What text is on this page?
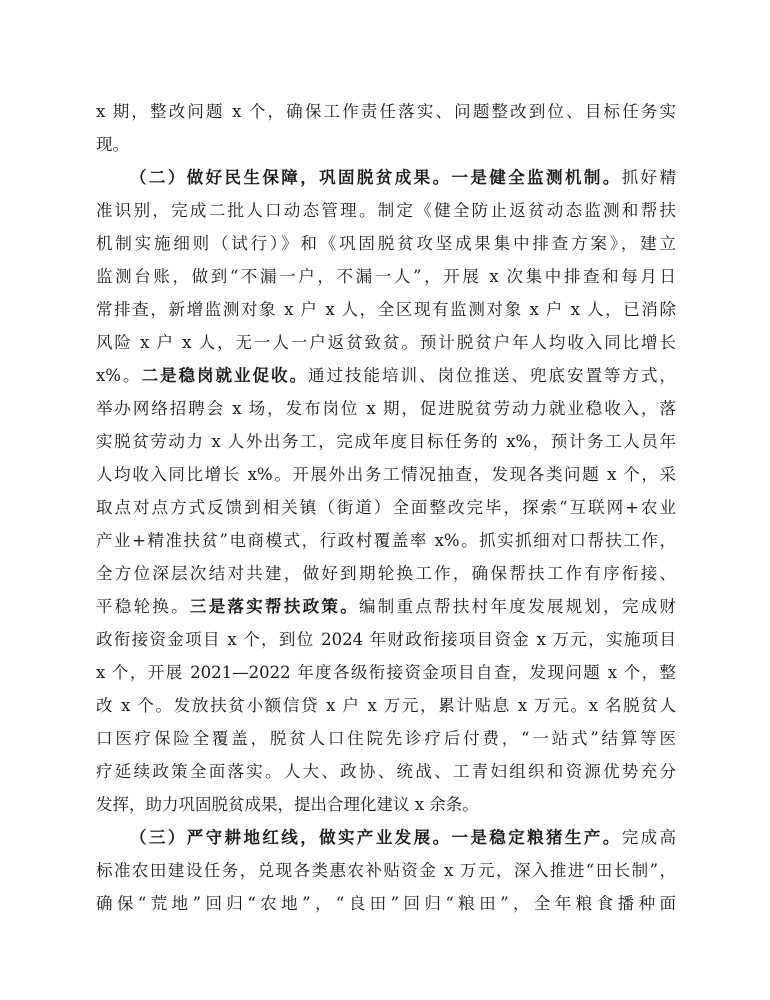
x 期，整改问题 x 个，确保工作责任落实、问题整改到位、目标任务实
现。
（二）做好民生保障，巩固脱贫成果。一是健全监测机制。抓好精
准识别，完成二批人口动态管理。制定《健全防止返贫动态监测和帮扶
机制实施细则（试行）》和《巩固脱贫攻坚成果集中排查方案》，建立
监测台账，做到“不漏一户，不漏一人”，开展 x 次集中排查和每月日
常排查，新增监测对象 x 户 x 人，全区现有监测对象 x 户 x 人，已消除
风险 x 户 x 人，无一人一户返贫致贫。预计脱贫户年人均收入同比增长
x%。二是稳岗就业促收。通过技能培训、岗位推送、兜底安置等方式，
举办网络招聘会 x 场，发布岗位 x 期，促进脱贫劳动力就业稳收入，落
实脱贫劳动力 x 人外出务工，完成年度目标任务的 x%，预计务工人员年
人均收入同比增长 x%。开展外出务工情况抽查，发现各类问题 x 个，采
取点对点方式反馈到相关镇（街道）全面整改完毕，探索“互联网+农业
产业+精准扶贫”电商模式，行政村覆盖率 x%。抓实抓细对口帮扶工作，
全方位深层次结对共建，做好到期轮换工作，确保帮扶工作有序衔接、
平稳轮换。三是落实帮扶政策。编制重点帮扶村年度发展规划，完成财
政衔接资金项目 x 个，到位 2024 年财政衔接项目资金 x 万元，实施项目
x 个，开展 2021—2022 年度各级衔接资金项目自查，发现问题 x 个，整
改 x 个。发放扶贫小额信贷 x 户 x 万元，累计贴息 x 万元。x 名脱贫人
口医疗保险全覆盖，脱贫人口住院先诊疗后付费，“一站式”结算等医
疗延续政策全面落实。人大、政协、统战、工青妇组织和资源优势充分
发挥，助力巩固脱贫成果，提出合理化建议 x 余条。
（三）严守耕地红线，做实产业发展。一是稳定粮猪生产。完成高
标准农田建设任务，兑现各类惠农补贴资金 x 万元，深入推进“田长制”，
确保“荒地”回归“农地”，“良田”回归“粮田”，全年粮食播种面
